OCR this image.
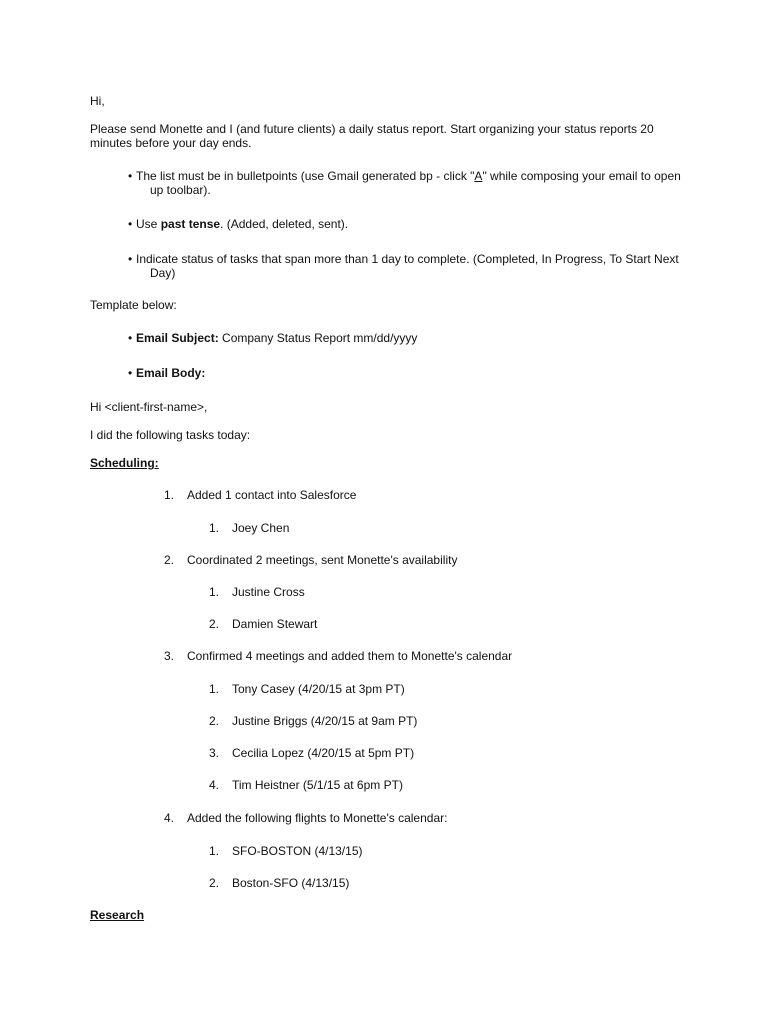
Hi,
Please send Monette and I (and future clients) a daily status report. Start organizing your status reports 20
minutes before your day ends.
• The list must be in bulletpoints (use Gmail generated bp - click "A" while composing your email to open
up toolbar).
• Use past tense. (Added, deleted, sent).
• Indicate status of tasks that span more than 1 day to complete. (Completed, In Progress, To Start Next
Day)
Template below:
• Email Subject: Company Status Report mm/dd/yyyy
• Email Body:
Hi <client-first-name>,
I did the following tasks today:
Scheduling:
1. Added 1 contact into Salesforce
1. Joey Chen
2. Coordinated 2 meetings, sent Monette's availability
1. Justine Cross
2. Damien Stewart
3. Confirmed 4 meetings and added them to Monette's calendar
1. Tony Casey (4/20/15 at 3pm PT)
2. Justine Briggs (4/20/15 at 9am PT)
3. Cecilia Lopez (4/20/15 at 5pm PT)
4. Tim Heistner (5/1/15 at 6pm PT)
4. Added the following flights to Monette's calendar:
1. SFO-BOSTON (4/13/15)
2. Boston-SFO (4/13/15)
Research
